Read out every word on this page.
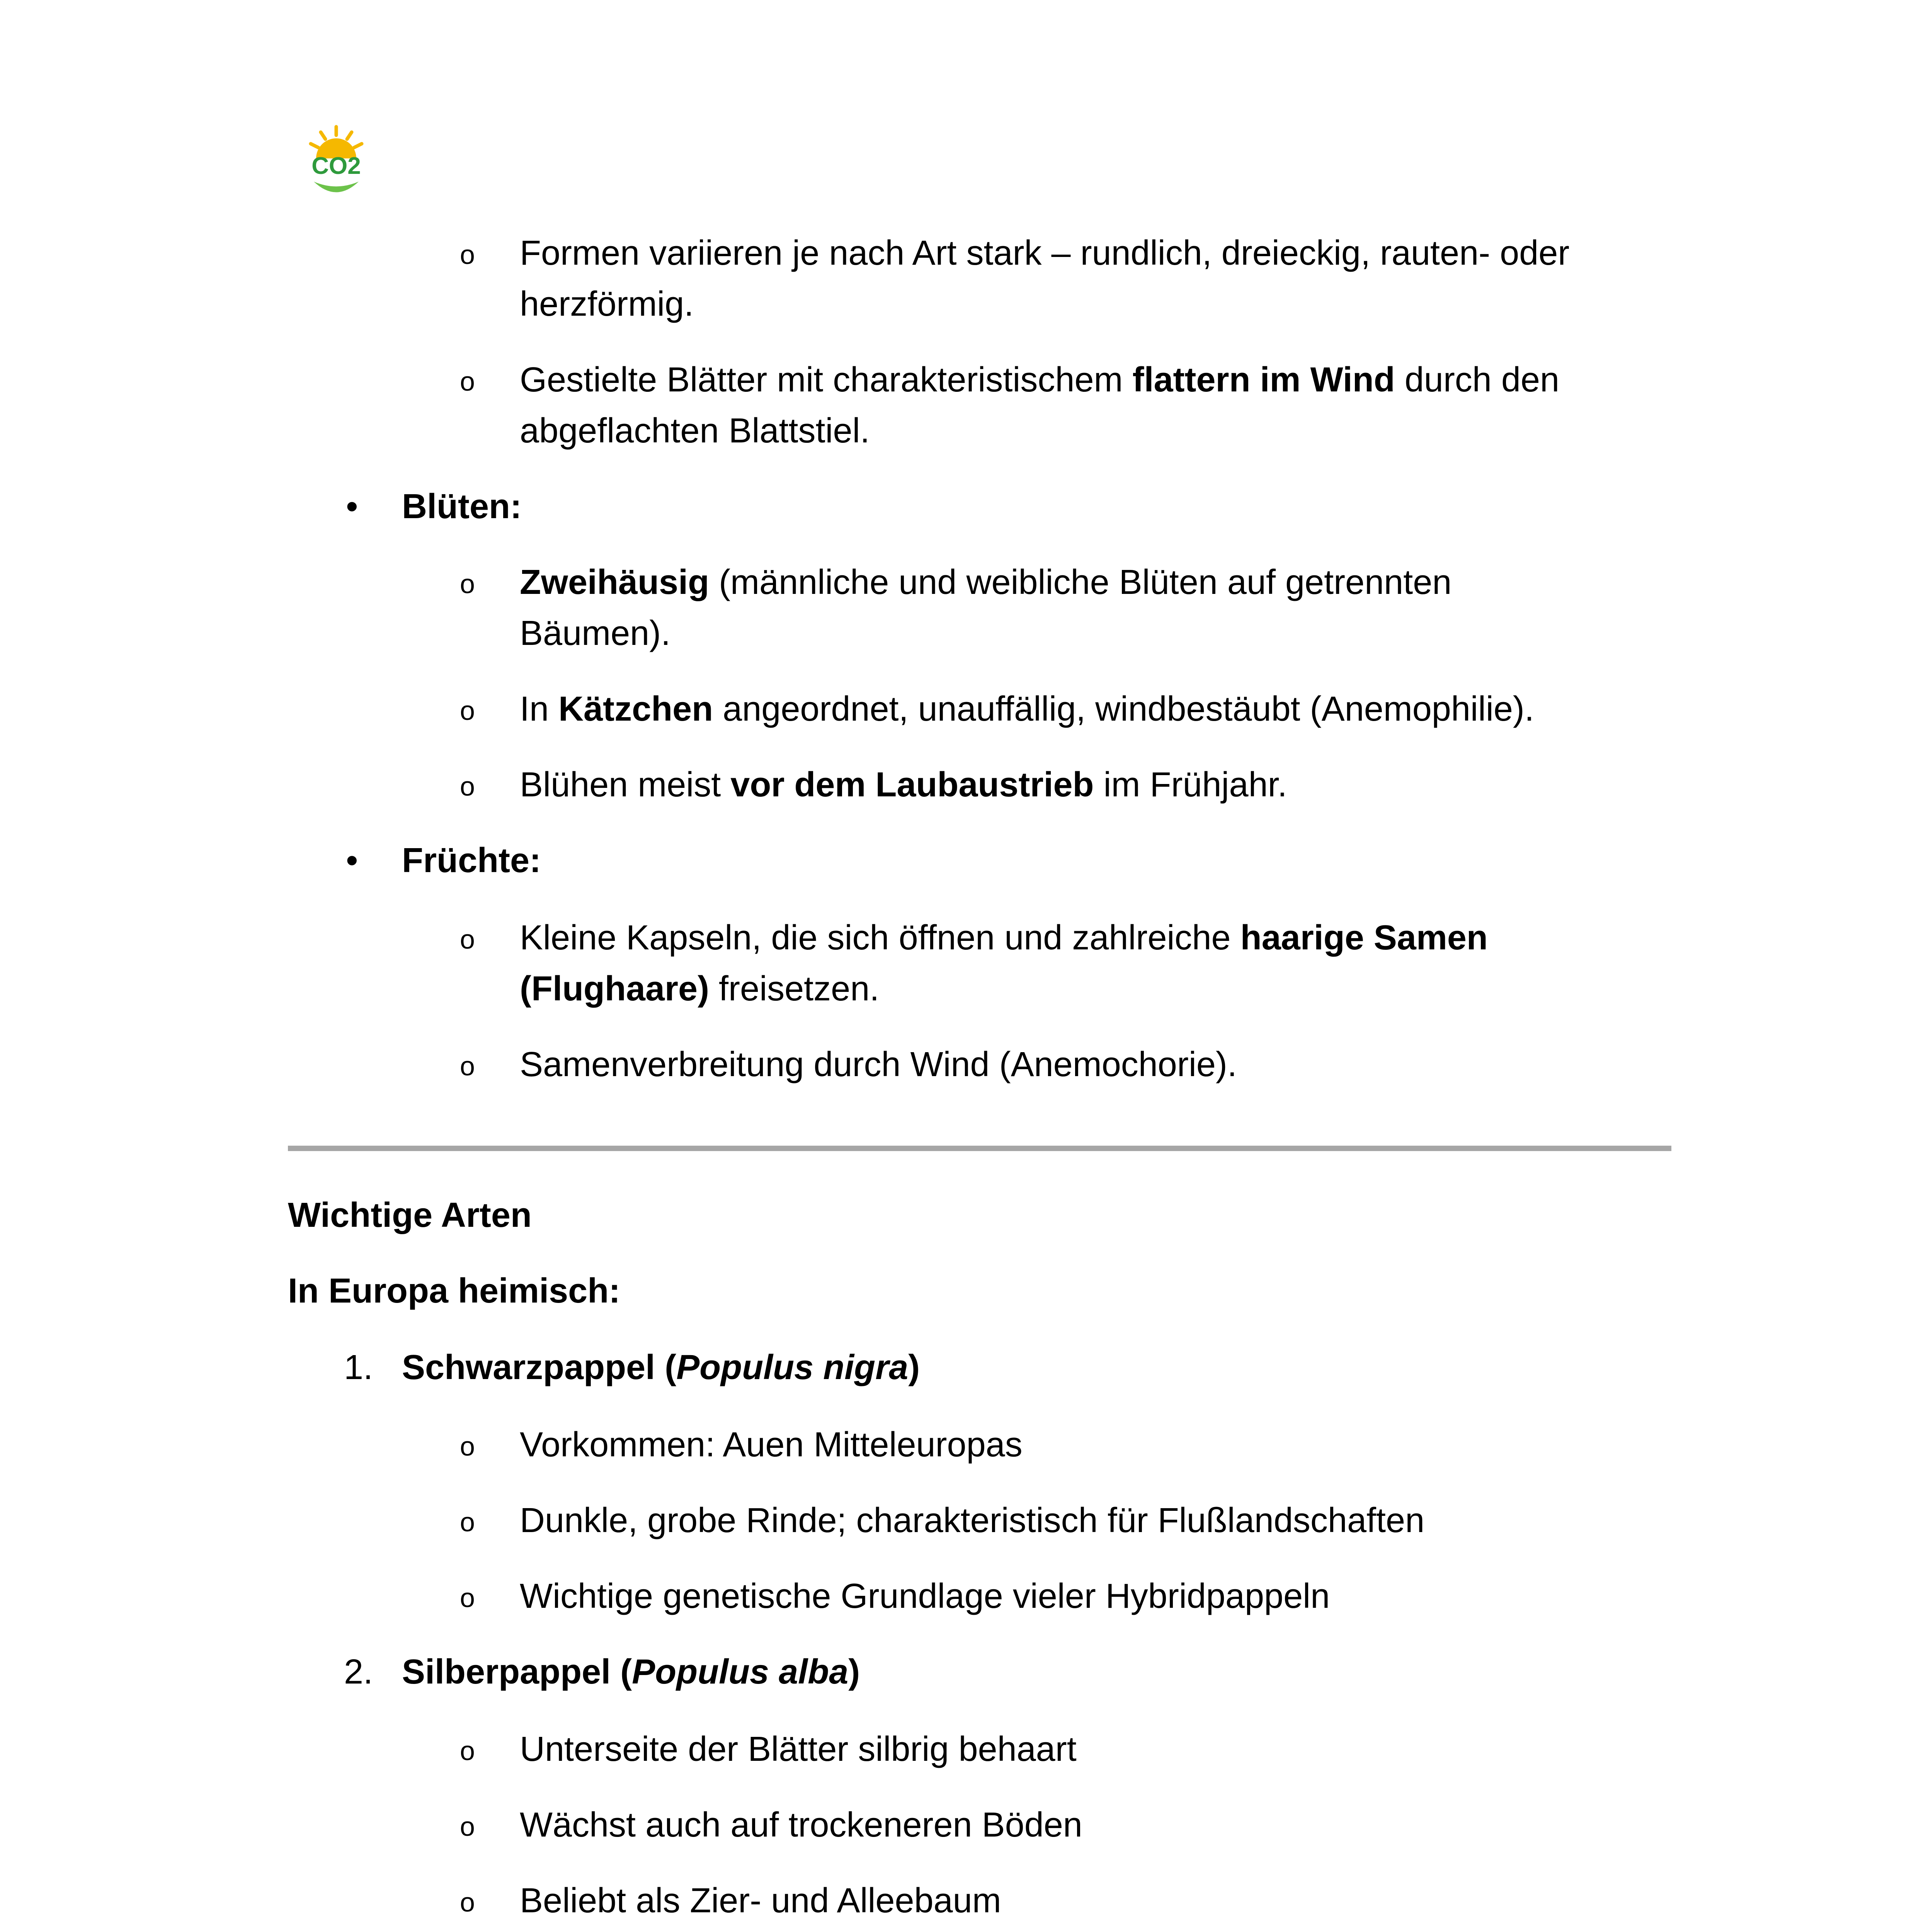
CO2
o Formen variieren je nach Art stark – rundlich, dreieckig, rauten- oder
herzförmig.
o Gestielte Blätter mit charakteristischem flattern im Wind durch den
abgeflachten Blattstiel.
• Blüten:
o Zweihäusig (männliche und weibliche Blüten auf getrennten
Bäumen).
o In Kätzchen angeordnet, unauffällig, windbestäubt (Anemophilie).
o Blühen meist vor dem Laubaustrieb im Frühjahr.
• Früchte:
o Kleine Kapseln, die sich öffnen und zahlreiche haarige Samen
(Flughaare) freisetzen.
o Samenverbreitung durch Wind (Anemochorie).
Wichtige Arten
In Europa heimisch:
1. Schwarzpappel (Populus nigra)
o Vorkommen: Auen Mitteleuropas
o Dunkle, grobe Rinde; charakteristisch für Flußlandschaften
o Wichtige genetische Grundlage vieler Hybridpappeln
2. Silberpappel (Populus alba)
o Unterseite der Blätter silbrig behaart
o Wächst auch auf trockeneren Böden
o Beliebt als Zier- und Alleebaum
